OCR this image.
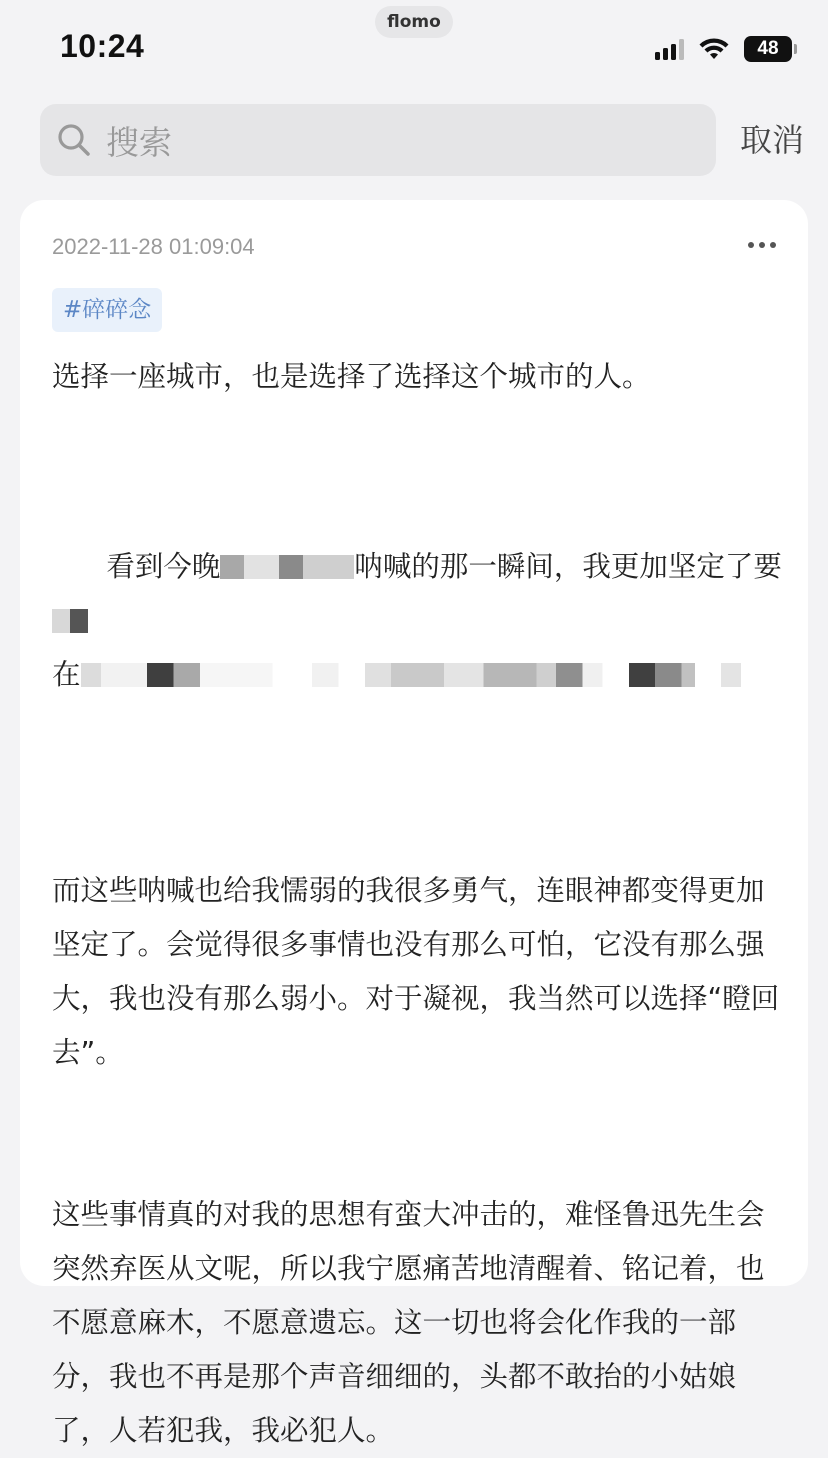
flomo
10:24	48
搜索	取消
2022-11-28 01:09:04
#碎碎念
选择一座城市，也是选择了选择这个城市的人。

看到今晚	呐喊的那一瞬间，我更加坚定了要
在

而这些呐喊也给我懦弱的我很多勇气，连眼神都变得更加坚定了。会觉得很多事情也没有那么可怕，它没有那么强大，我也没有那么弱小。对于凝视，我当然可以选择“瞪回去”。
这些事情真的对我的思想有蛮大冲击的，难怪鲁迅先生会突然弃医从文呢，所以我宁愿痛苦地清醒着、铭记着，也不愿意麻木，不愿意遗忘。这一切也将会化作我的一部分，我也不再是那个声音细细的，头都不敢抬的小姑娘了，人若犯我，我必犯人。
